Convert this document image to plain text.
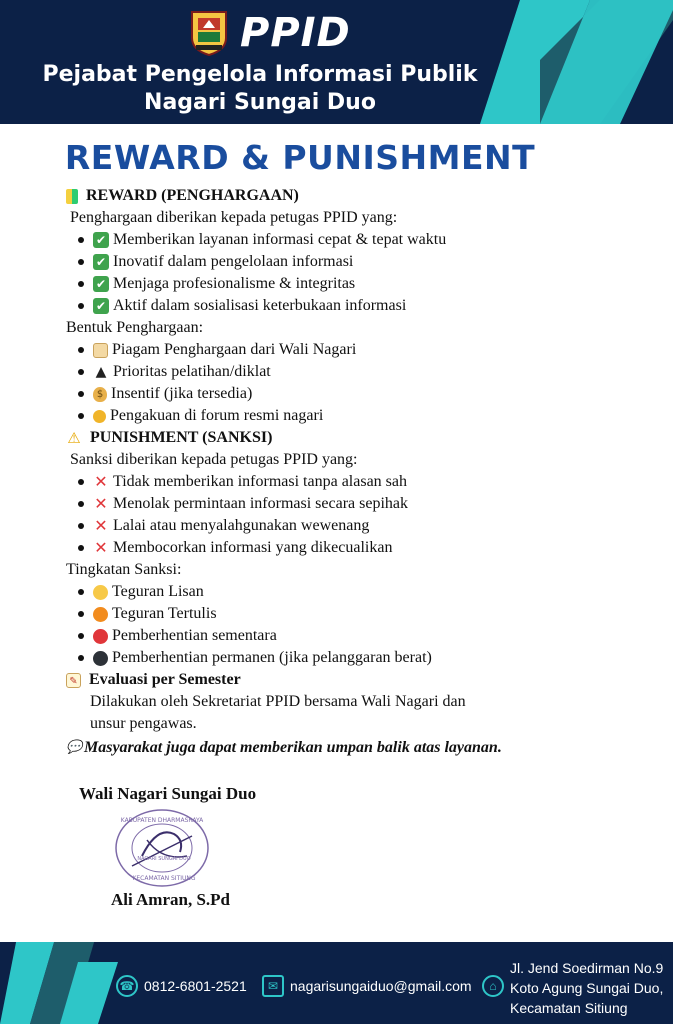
PPID
Pejabat Pengelola Informasi Publik
Nagari Sungai Duo
REWARD & PUNISHMENT
REWARD (PENGHARGAAN)
Penghargaan diberikan kepada petugas PPID yang:
✔ Memberikan layanan informasi cepat & tepat waktu
✔ Inovatif dalam pengelolaan informasi
✔ Menjaga profesionalisme & integritas
✔ Aktif dalam sosialisasi keterbukaan informasi
Bentuk Penghargaan:
Piagam Penghargaan dari Wali Nagari
▲ Prioritas pelatihan/diklat
$ Insentif (jika tersedia)
Pengakuan di forum resmi nagari
⚠ PUNISHMENT (SANKSI)
Sanksi diberikan kepada petugas PPID yang:
✕ Tidak memberikan informasi tanpa alasan sah
✕ Menolak permintaan informasi secara sepihak
✕ Lalai atau menyalahgunakan wewenang
✕ Membocorkan informasi yang dikecualikan
Tingkatan Sanksi:
Teguran Lisan
Teguran Tertulis
Pemberhentian sementara
Pemberhentian permanen (jika pelanggaran berat)
✎ Evaluasi per Semester
Dilakukan oleh Sekretariat PPID bersama Wali Nagari dan
unsur pengawas.
💬 Masyarakat juga dapat memberikan umpan balik atas layanan.
Wali Nagari Sungai Duo
KABUPATEN DHARMASRAYA
NAGARI SUNGAI DUO
KECAMATAN SITIUNG
Ali Amran, S.Pd
☎ 0812-6801-2521	✉ nagarisungaiduo@gmail.com	⌂
Jl. Jend Soedirman No.9
Koto Agung Sungai Duo,
Kecamatan Sitiung
